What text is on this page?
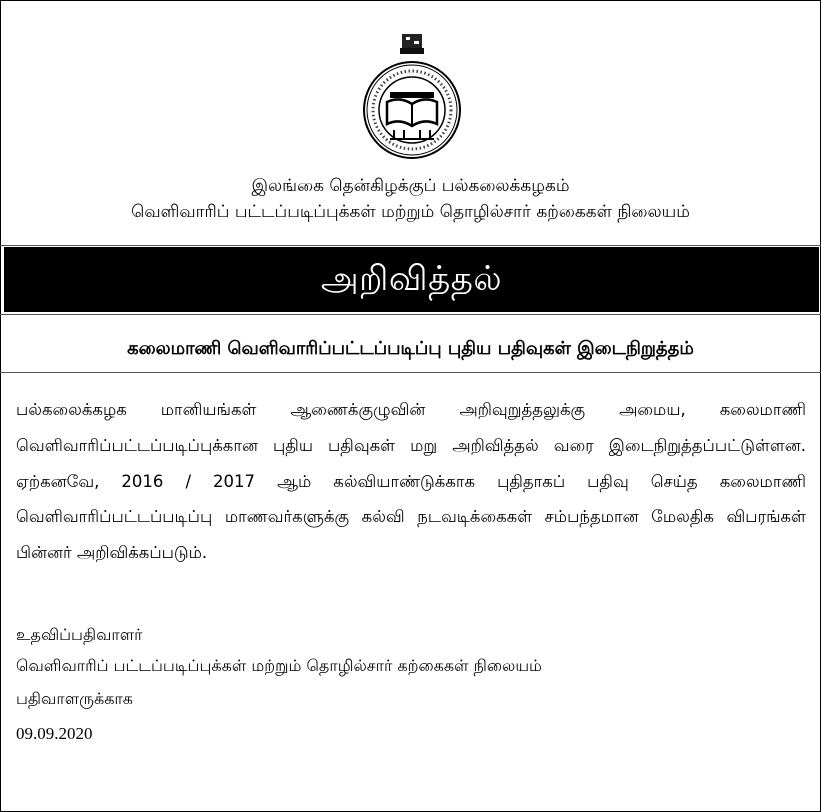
இலங்கை தென்கிழக்குப் பல்கலைக்கழகம்
வெளிவாரிப் பட்டப்படிப்புக்கள் மற்றும் தொழில்சார் கற்கைகள் நிலையம்
அறிவித்தல்
கலைமாணி வெளிவாரிப்பட்டப்படிப்பு புதிய பதிவுகள் இடைநிறுத்தம்
பல்கலைக்கழக மானியங்கள் ஆணைக்குழுவின் அறிவுறுத்தலுக்கு அமைய, கலைமாணி வெளிவாரிப்பட்டப்படிப்புக்கான புதிய பதிவுகள் மறு அறிவித்தல் வரை இடைநிறுத்தப்பட்டுள்ளன. ஏற்கனவே, 2016 / 2017 ஆம் கல்வியாண்டுக்காக புதிதாகப் பதிவு செய்த கலைமாணி வெளிவாரிப்பட்டப்படிப்பு மாணவர்களுக்கு கல்வி நடவடிக்கைகள் சம்பந்தமான மேலதிக விபரங்கள் பின்னர் அறிவிக்கப்படும்.
உதவிப்பதிவாளர்
வெளிவாரிப் பட்டப்படிப்புக்கள் மற்றும் தொழில்சார் கற்கைகள் நிலையம்
பதிவாளருக்காக
09.09.2020
